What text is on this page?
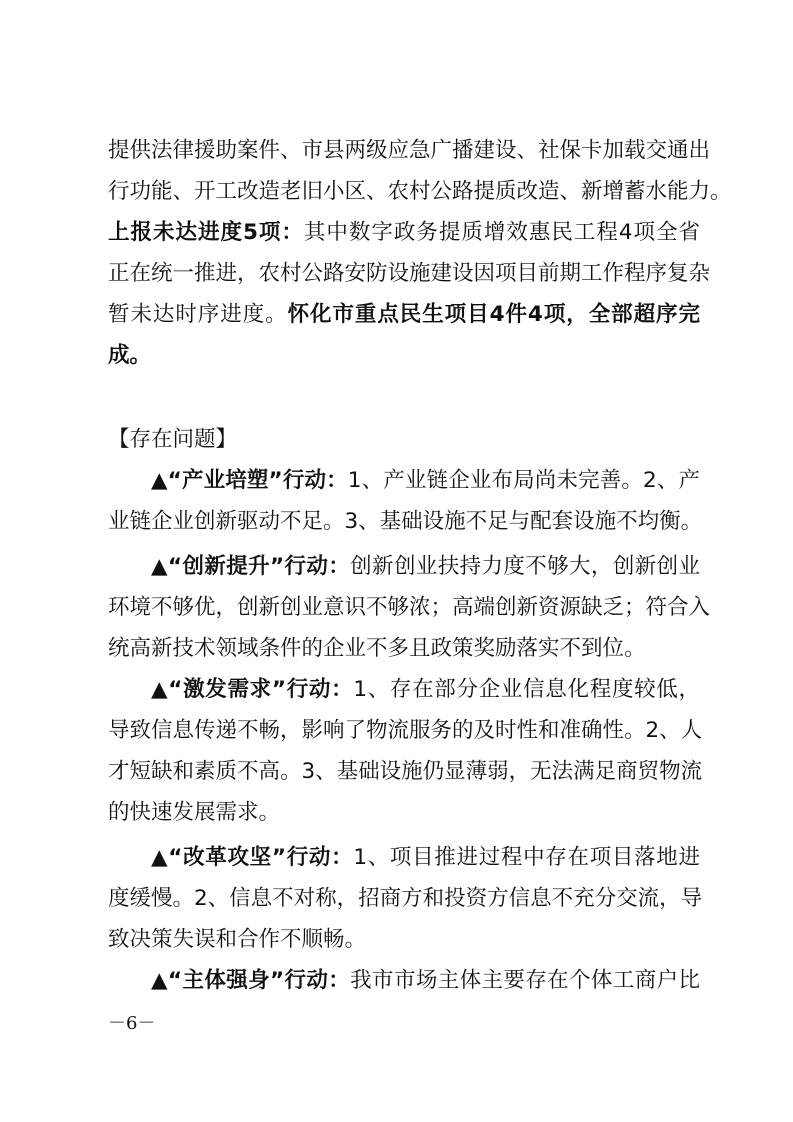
提供法律援助案件、市县两级应急广播建设、社保卡加载交通出
行功能、开工改造老旧小区、农村公路提质改造、新增蓄水能力。
上报未达进度5项：其中数字政务提质增效惠民工程4项全省
正在统一推进，农村公路安防设施建设因项目前期工作程序复杂
暂未达时序进度。怀化市重点民生项目4件4项，全部超序完
成。
【存在问题】
▲“产业培塑”行动：1、产业链企业布局尚未完善。2、产
业链企业创新驱动不足。3、基础设施不足与配套设施不均衡。
▲“创新提升”行动：创新创业扶持力度不够大，创新创业
环境不够优，创新创业意识不够浓；高端创新资源缺乏；符合入
统高新技术领域条件的企业不多且政策奖励落实不到位。
▲“激发需求”行动：1、存在部分企业信息化程度较低，
导致信息传递不畅，影响了物流服务的及时性和准确性。2、人
才短缺和素质不高。3、基础设施仍显薄弱，无法满足商贸物流
的快速发展需求。
▲“改革攻坚”行动：1、项目推进过程中存在项目落地进
度缓慢。2、信息不对称，招商方和投资方信息不充分交流，导
致决策失误和合作不顺畅。
▲“主体强身”行动：我市市场主体主要存在个体工商户比
－6－
